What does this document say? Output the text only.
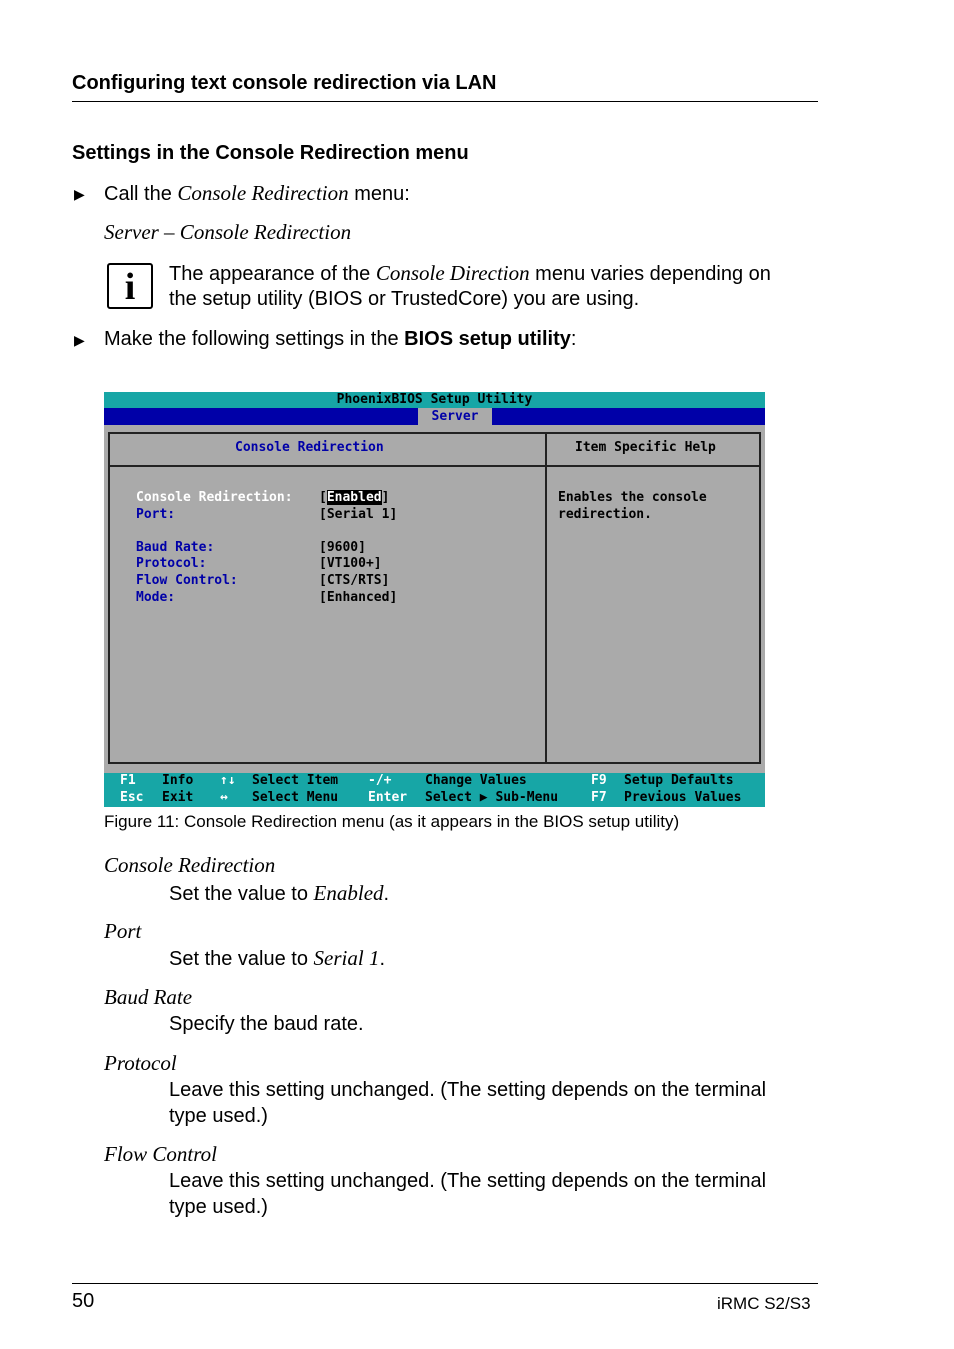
Configuring text console redirection via LAN
Settings in the Console Redirection menu
▶ Call the Console Redirection menu:
Server – Console Redirection
i	The appearance of the Console Direction menu varies depending on
the setup utility (BIOS or TrustedCore) you are using.
▶ Make the following settings in the BIOS setup utility:
PhoenixBIOS Setup Utility
Server
Console Redirection	Item Specific Help
Console Redirection: [Enabled]
Port:	[Serial 1]
Baud Rate:	[9600]
Protocol:	[VT100+]
Flow Control:	[CTS/RTS]
Mode:	[Enhanced]
Enables the console
redirection.
F1 Info ↑↓ Select Item -/+	Change Values	F9 Setup Defaults
Esc Exit ↔ Select Menu Enter Select ▶ Sub-Menu	F7 Previous Values
Figure 11: Console Redirection menu (as it appears in the BIOS setup utility)
Console Redirection
Set the value to Enabled.
Port
Set the value to Serial 1.
Baud Rate
Specify the baud rate.
Protocol
Leave this setting unchanged. (The setting depends on the terminal
type used.)
Flow Control
Leave this setting unchanged. (The setting depends on the terminal
type used.)
50	iRMC S2/S3
